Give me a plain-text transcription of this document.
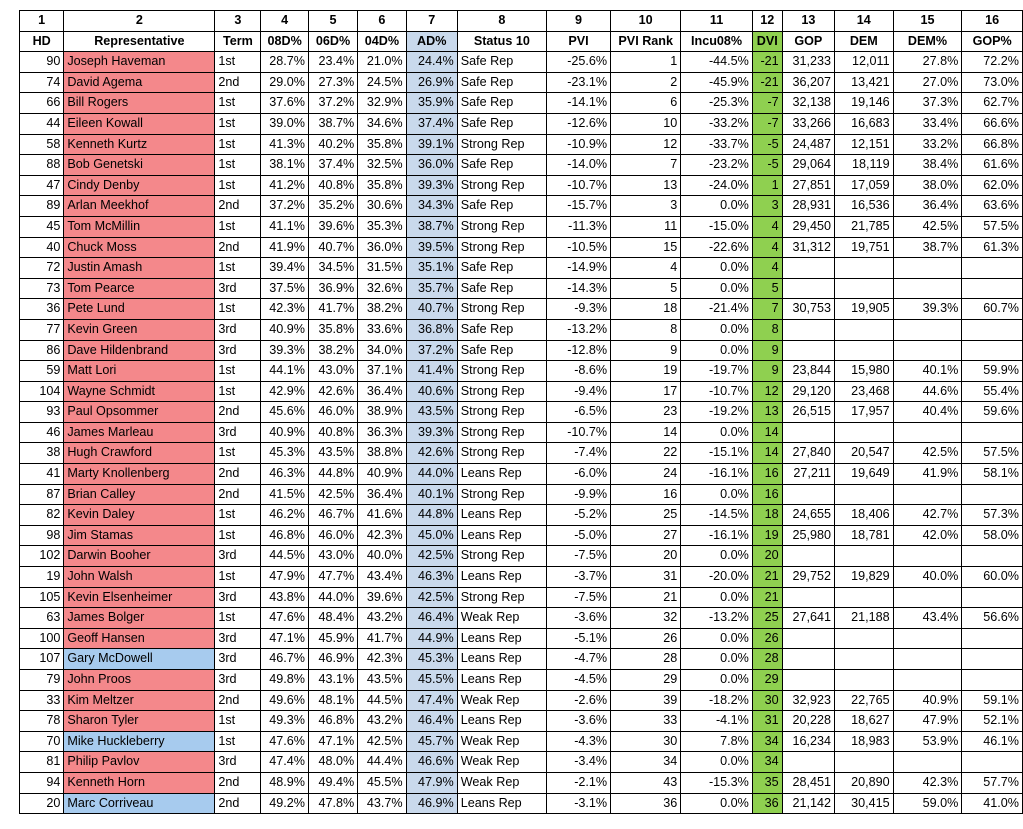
1	2	3	4	5	6	7	8	9	10	11	12	13	14	15	16
HD	Representative	Term	08D%	06D%	04D%	AD%	Status 10	PVI	PVI Rank	Incu08%	DVI	GOP	DEM	DEM%	GOP%
90	Joseph Haveman	1st	28.7%	23.4%	21.0%	24.4%	Safe Rep	-25.6%	1	-44.5%	-21	31,233	12,011	27.8%	72.2%
74	David Agema	2nd	29.0%	27.3%	24.5%	26.9%	Safe Rep	-23.1%	2	-45.9%	-21	36,207	13,421	27.0%	73.0%
66	Bill Rogers	1st	37.6%	37.2%	32.9%	35.9%	Safe Rep	-14.1%	6	-25.3%	-7	32,138	19,146	37.3%	62.7%
44	Eileen Kowall	1st	39.0%	38.7%	34.6%	37.4%	Safe Rep	-12.6%	10	-33.2%	-7	33,266	16,683	33.4%	66.6%
58	Kenneth Kurtz	1st	41.3%	40.2%	35.8%	39.1%	Strong Rep	-10.9%	12	-33.7%	-5	24,487	12,151	33.2%	66.8%
88	Bob Genetski	1st	38.1%	37.4%	32.5%	36.0%	Safe Rep	-14.0%	7	-23.2%	-5	29,064	18,119	38.4%	61.6%
47	Cindy Denby	1st	41.2%	40.8%	35.8%	39.3%	Strong Rep	-10.7%	13	-24.0%	1	27,851	17,059	38.0%	62.0%
89	Arlan Meekhof	2nd	37.2%	35.2%	30.6%	34.3%	Safe Rep	-15.7%	3	0.0%	3	28,931	16,536	36.4%	63.6%
45	Tom McMillin	1st	41.1%	39.6%	35.3%	38.7%	Strong Rep	-11.3%	11	-15.0%	4	29,450	21,785	42.5%	57.5%
40	Chuck Moss	2nd	41.9%	40.7%	36.0%	39.5%	Strong Rep	-10.5%	15	-22.6%	4	31,312	19,751	38.7%	61.3%
72	Justin Amash	1st	39.4%	34.5%	31.5%	35.1%	Safe Rep	-14.9%	4	0.0%	4				
73	Tom Pearce	3rd	37.5%	36.9%	32.6%	35.7%	Safe Rep	-14.3%	5	0.0%	5				
36	Pete Lund	1st	42.3%	41.7%	38.2%	40.7%	Strong Rep	-9.3%	18	-21.4%	7	30,753	19,905	39.3%	60.7%
77	Kevin Green	3rd	40.9%	35.8%	33.6%	36.8%	Safe Rep	-13.2%	8	0.0%	8				
86	Dave Hildenbrand	3rd	39.3%	38.2%	34.0%	37.2%	Safe Rep	-12.8%	9	0.0%	9				
59	Matt Lori	1st	44.1%	43.0%	37.1%	41.4%	Strong Rep	-8.6%	19	-19.7%	9	23,844	15,980	40.1%	59.9%
104	Wayne Schmidt	1st	42.9%	42.6%	36.4%	40.6%	Strong Rep	-9.4%	17	-10.7%	12	29,120	23,468	44.6%	55.4%
93	Paul Opsommer	2nd	45.6%	46.0%	38.9%	43.5%	Strong Rep	-6.5%	23	-19.2%	13	26,515	17,957	40.4%	59.6%
46	James Marleau	3rd	40.9%	40.8%	36.3%	39.3%	Strong Rep	-10.7%	14	0.0%	14				
38	Hugh Crawford	1st	45.3%	43.5%	38.8%	42.6%	Strong Rep	-7.4%	22	-15.1%	14	27,840	20,547	42.5%	57.5%
41	Marty Knollenberg	2nd	46.3%	44.8%	40.9%	44.0%	Leans Rep	-6.0%	24	-16.1%	16	27,211	19,649	41.9%	58.1%
87	Brian Calley	2nd	41.5%	42.5%	36.4%	40.1%	Strong Rep	-9.9%	16	0.0%	16				
82	Kevin Daley	1st	46.2%	46.7%	41.6%	44.8%	Leans Rep	-5.2%	25	-14.5%	18	24,655	18,406	42.7%	57.3%
98	Jim Stamas	1st	46.8%	46.0%	42.3%	45.0%	Leans Rep	-5.0%	27	-16.1%	19	25,980	18,781	42.0%	58.0%
102	Darwin Booher	3rd	44.5%	43.0%	40.0%	42.5%	Strong Rep	-7.5%	20	0.0%	20				
19	John Walsh	1st	47.9%	47.7%	43.4%	46.3%	Leans Rep	-3.7%	31	-20.0%	21	29,752	19,829	40.0%	60.0%
105	Kevin Elsenheimer	3rd	43.8%	44.0%	39.6%	42.5%	Strong Rep	-7.5%	21	0.0%	21				
63	James Bolger	1st	47.6%	48.4%	43.2%	46.4%	Weak Rep	-3.6%	32	-13.2%	25	27,641	21,188	43.4%	56.6%
100	Geoff Hansen	3rd	47.1%	45.9%	41.7%	44.9%	Leans Rep	-5.1%	26	0.0%	26				
107	Gary McDowell	3rd	46.7%	46.9%	42.3%	45.3%	Leans Rep	-4.7%	28	0.0%	28				
79	John Proos	3rd	49.8%	43.1%	43.5%	45.5%	Leans Rep	-4.5%	29	0.0%	29				
33	Kim Meltzer	2nd	49.6%	48.1%	44.5%	47.4%	Weak Rep	-2.6%	39	-18.2%	30	32,923	22,765	40.9%	59.1%
78	Sharon Tyler	1st	49.3%	46.8%	43.2%	46.4%	Leans Rep	-3.6%	33	-4.1%	31	20,228	18,627	47.9%	52.1%
70	Mike Huckleberry	1st	47.6%	47.1%	42.5%	45.7%	Weak Rep	-4.3%	30	7.8%	34	16,234	18,983	53.9%	46.1%
81	Philip Pavlov	3rd	47.4%	48.0%	44.4%	46.6%	Weak Rep	-3.4%	34	0.0%	34				
94	Kenneth Horn	2nd	48.9%	49.4%	45.5%	47.9%	Weak Rep	-2.1%	43	-15.3%	35	28,451	20,890	42.3%	57.7%
20	Marc Corriveau	2nd	49.2%	47.8%	43.7%	46.9%	Leans Rep	-3.1%	36	0.0%	36	21,142	30,415	59.0%	41.0%
